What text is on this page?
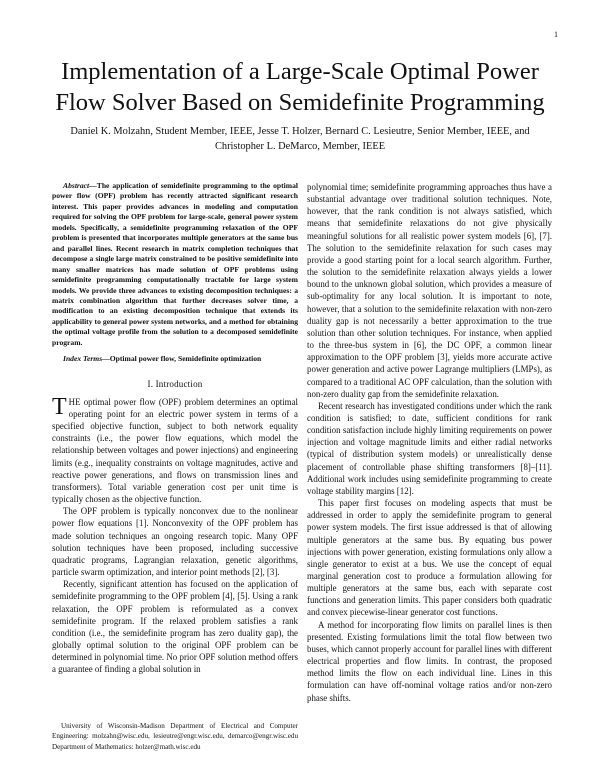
1
Implementation of a Large-Scale Optimal Power Flow Solver Based on Semidefinite Programming
Daniel K. Molzahn, Student Member, IEEE, Jesse T. Holzer, Bernard C. Lesieutre, Senior Member, IEEE, and Christopher L. DeMarco, Member, IEEE

Abstract—The application of semidefinite programming to the optimal power flow (OPF) problem has recently attracted significant research interest. This paper provides advances in modeling and computation required for solving the OPF problem for large-scale, general power system models. Specifically, a semidefinite programming relaxation of the OPF problem is presented that incorporates multiple generators at the same bus and parallel lines. Recent research in matrix completion techniques that decompose a single large matrix constrained to be positive semidefinite into many smaller matrices has made solution of OPF problems using semidefinite programming computationally tractable for large system models. We provide three advances to existing decomposition techniques: a matrix combination algorithm that further decreases solver time, a modification to an existing decomposition technique that extends its applicability to general power system networks, and a method for obtaining the optimal voltage profile from the solution to a decomposed semidefinite program.

Index Terms—Optimal power flow, Semidefinite optimization

I. Introduction

THE optimal power flow (OPF) problem determines an optimal operating point for an electric power system in terms of a specified objective function, subject to both network equality constraints (i.e., the power flow equations, which model the relationship between voltages and power injections) and engineering limits (e.g., inequality constraints on voltage magnitudes, active and reactive power generations, and flows on transmission lines and transformers). Total variable generation cost per unit time is typically chosen as the objective function.

The OPF problem is typically nonconvex due to the nonlinear power flow equations [1]. Nonconvexity of the OPF problem has made solution techniques an ongoing research topic. Many OPF solution techniques have been proposed, including successive quadratic programs, Lagrangian relaxation, genetic algorithms, particle swarm optimization, and interior point methods [2], [3].

Recently, significant attention has focused on the application of semidefinite programming to the OPF problem [4], [5]. Using a rank relaxation, the OPF problem is reformulated as a convex semidefinite program. If the relaxed problem satisfies a rank condition (i.e., the semidefinite program has zero duality gap), the globally optimal solution to the original OPF problem can be determined in polynomial time. No prior OPF solution method offers a guarantee of finding a global solution in

University of Wisconsin-Madison Department of Electrical and Computer Engineering: molzahn@wisc.edu, lesieutre@engr.wisc.edu, demarco@engr.wisc.edu Department of Mathematics: holzer@math.wisc.edu

polynomial time; semidefinite programming approaches thus have a substantial advantage over traditional solution techniques. Note, however, that the rank condition is not always satisfied, which means that semidefinite relaxations do not give physically meaningful solutions for all realistic power system models [6], [7]. The solution to the semidefinite relaxation for such cases may provide a good starting point for a local search algorithm. Further, the solution to the semidefinite relaxation always yields a lower bound to the unknown global solution, which provides a measure of sub-optimality for any local solution. It is important to note, however, that a solution to the semidefinite relaxation with non-zero duality gap is not necessarily a better approximation to the true solution than other solution techniques. For instance, when applied to the three-bus system in [6], the DC OPF, a common linear approximation to the OPF problem [3], yields more accurate active power generation and active power Lagrange multipliers (LMPs), as compared to a traditional AC OPF calculation, than the solution with non-zero duality gap from the semidefinite relaxation.

Recent research has investigated conditions under which the rank condition is satisfied; to date, sufficient conditions for rank condition satisfaction include highly limiting requirements on power injection and voltage magnitude limits and either radial networks (typical of distribution system models) or unrealistically dense placement of controllable phase shifting transformers [8]–[11]. Additional work includes using semidefinite programming to create voltage stability margins [12].

This paper first focuses on modeling aspects that must be addressed in order to apply the semidefinite program to general power system models. The first issue addressed is that of allowing multiple generators at the same bus. By equating bus power injections with power generation, existing formulations only allow a single generator to exist at a bus. We use the concept of equal marginal generation cost to produce a formulation allowing for multiple generators at the same bus, each with separate cost functions and generation limits. This paper considers both quadratic and convex piecewise-linear generator cost functions.

A method for incorporating flow limits on parallel lines is then presented. Existing formulations limit the total flow between two buses, which cannot properly account for parallel lines with different electrical properties and flow limits. In contrast, the proposed method limits the flow on each individual line. Lines in this formulation can have off-nominal voltage ratios and/or non-zero phase shifts.
